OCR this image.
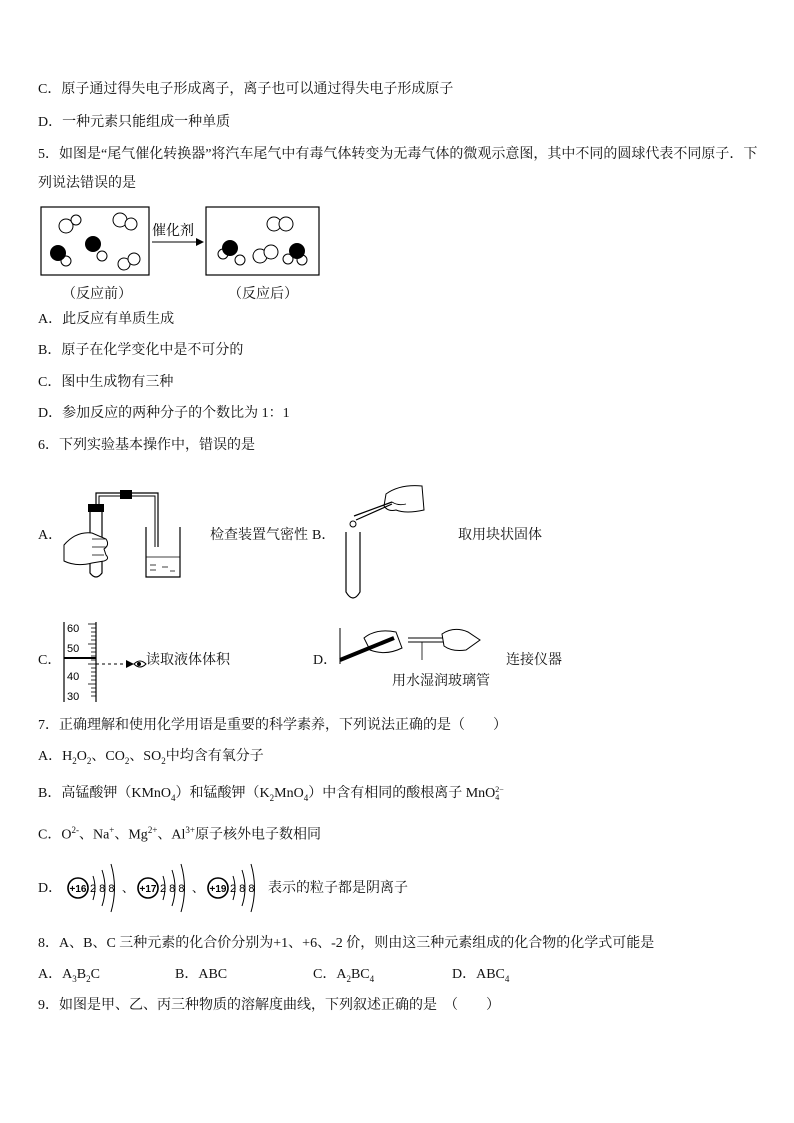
C．原子通过得失电子形成离子，离子也可以通过得失电子形成原子
D．一种元素只能组成一种单质
5．如图是“尾气催化转换器”将汽车尾气中有毒气体转变为无毒气体的微观示意图，其中不同的圆球代表不同原子．下
列说法错误的是
催化剂
（反应前）	（反应后）
A．此反应有单质生成
B．原子在化学变化中是不可分的
C．图中生成物有三种
D．参加反应的两种分子的个数比为 1：1
6．下列实验基本操作中，错误的是
A．	检查装置气密性 B．	取用块状固体
C．
60
50
40
30
读取液体体积	D．
用水湿润玻璃管
连接仪器
7．正确理解和使用化学用语是重要的科学素养，下列说法正确的是（　　）
A．$H_2O_2$、$CO_2$、$SO_2$中均含有氧分子
B．高锰酸钾（KMnO$_4$）和锰酸钾$(K_2MnO_4)$中含有相同的酸根离子 MnO 2−
4
C．$O^{2-}$、Na+、$Mg^{2+}$、$Al^{3+}$原子核外电子数相同
D． +16 2 8 8 、 +17 2 8 8 、 +19 2 8 8 表示的粒子都是阴离子
8．A、B、C 三种元素的化合价分别为+1、+6、-2 价，则由这三种元素组成的化合物的化学式可能是
A．$A_3B_2C$	B．ABC	C．$A_2BC_4$	D．$ABC_4$
9．如图是甲、乙、丙三种物质的溶解度曲线，下列叙述正确的是　（　　）
